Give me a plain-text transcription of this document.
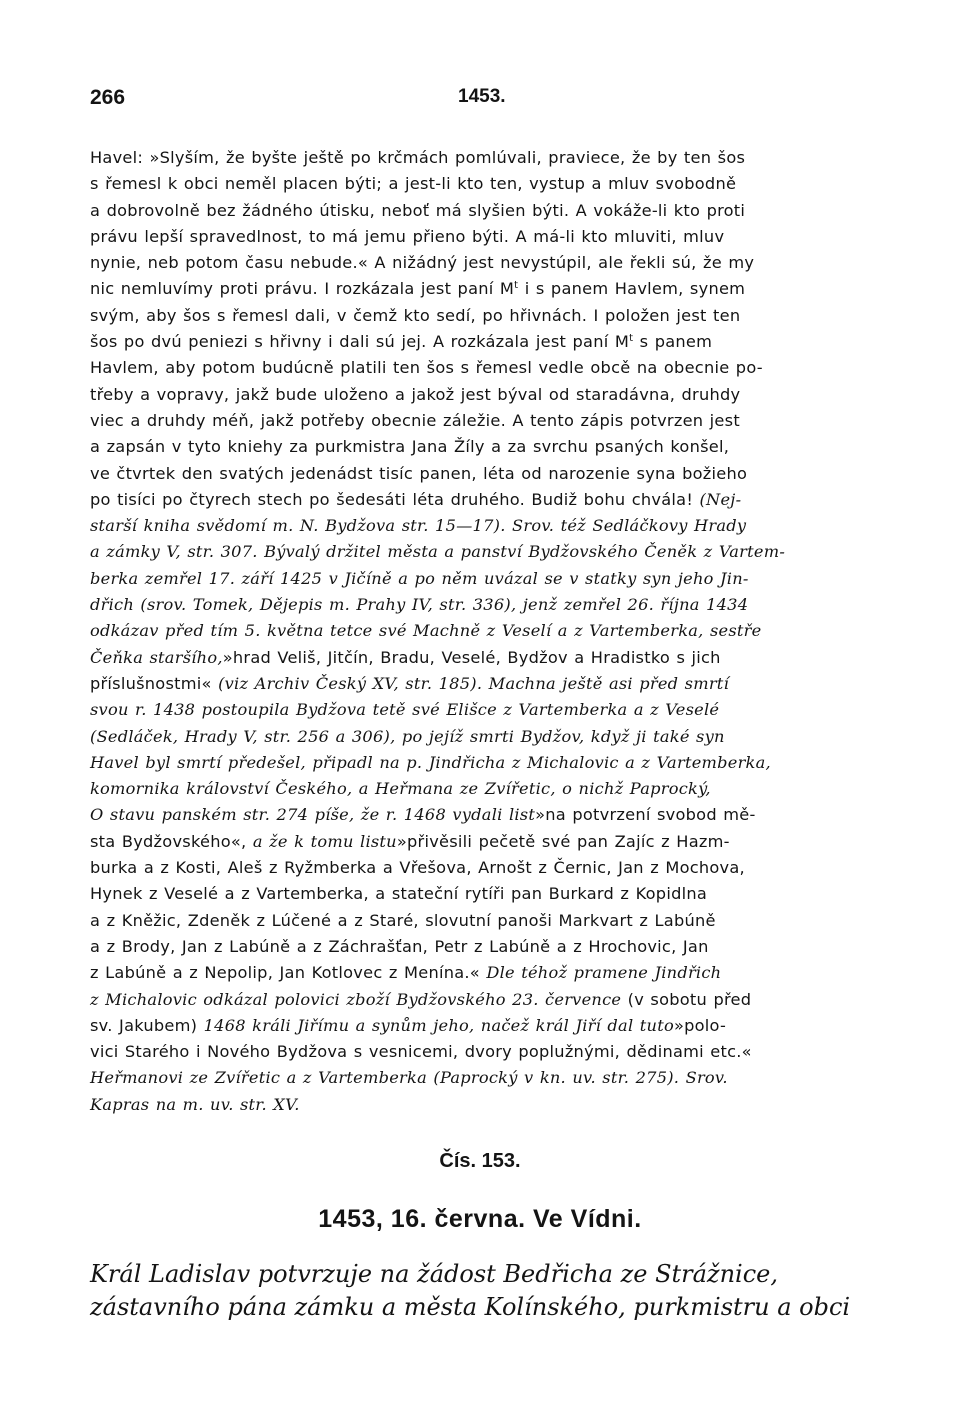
266	1453.
Havel: »Slyším, že byšte ještě po krčmách pomlúvali, praviece, že by ten šos
s řemesl k obci neměl placen býti; a jest-li kto ten, vystup a mluv svobodně
a dobrovolně bez žádného útisku, neboť má slyšien býti. A vokáže-li kto proti
právu lepší spravedlnost, to má jemu přieno býti. A má-li kto mluviti, mluv
nynie, neb potom času nebude.« A nižádný jest nevystúpil, ale řekli sú, že my
nic nemluvímy proti právu. I rozkázala jest paní $M^t$ i s panem Havlem, synem
svým, aby šos s řemesl dali, v čemž kto sedí, po hřivnách. I položen jest ten
šos po dvú peniezi s hřivny i dali sú jej. A rozkázala jest paní $M^t$ s panem
Havlem, aby potom budúcně platili ten šos s řemesl vedle obcě na obecnie po-
třeby a vopravy, jakž bude uloženo a jakož jest býval od staradávna, druhdy
viec a druhdy méň, jakž potřeby obecnie záležie. A tento zápis potvrzen jest
a zapsán v tyto kniehy za purkmistra Jana Žíly a za svrchu psaných konšel,
ve čtvrtek den svatých jedenádst tisíc panen, léta od narozenie syna božieho
po tisíci po čtyrech stech po šedesáti léta druhého. Budiž bohu chvála! (Nej-
starší kniha svědomí m. N. Bydžova str. 15—17). Srov. též Sedláčkovy Hrady
a zámky V, str. 307. Bývalý držitel města a panství Bydžovského Čeněk z Vartem-
berka zemřel 17. září 1425 v Jičíně a po něm uvázal se v statky syn jeho Jin-
dřich (srov. Tomek, Dějepis m. Prahy IV, str. 336), jenž zemřel 26. října 1434
odkázav před tím 5. května tetce své Machně z Veselí a z Vartemberka, sestře
Čeňka staršího,»hrad Veliš, Jitčín, Bradu, Veselé, Bydžov a Hradistko s jich
příslušnostmi« (viz Archiv Český XV, str. 185). Machna ještě asi před smrtí
svou r. 1438 postoupila Bydžova tetě své Elišce z Vartemberka a z Veselé
(Sedláček, Hrady V, str. 256 a 306), po jejíž smrti Bydžov, když ji také syn
Havel byl smrtí předešel, připadl na p. Jindřicha z Michalovic a z Vartemberka,
komornika království Českého, a Heřmana ze Zvířetic, o nichž Paprocký,
O stavu panském str. 274 píše, že r. 1468 vydali list»na potvrzení svobod mě-
sta Bydžovského«, a že k tomu listu»přivěsili pečetě své pan Zajíc z Hazm-
burka a z Kosti, Aleš z Ryžmberka a Vřešova, Arnošt z Černic, Jan z Mochova,
Hynek z Veselé a z Vartemberka, a stateční rytíři pan Burkard z Kopidlna
a z Kněžic, Zdeněk z Lúčené a z Staré, slovutní panoši Markvart z Labúně
a z Brody, Jan z Labúně a z Záchrašťan, Petr z Labúně a z Hrochovic, Jan
z Labúně a z Nepolip, Jan Kotlovec z Menína.« Dle téhož pramene Jindřich
z Michalovic odkázal polovici zboží Bydžovského 23. července (v sobotu před
sv. Jakubem) 1468 králi Jiřímu a synům jeho, načež král Jiří dal tuto»polo-
vici Starého i Nového Bydžova s vesnicemi, dvory poplužnými, dědinami etc.«
Heřmanovi ze Zvířetic a z Vartemberka (Paprocký v kn. uv. str. 275). Srov.
Kapras na m. uv. str. XV.
Čís. 153.
1453, 16. června. Ve Vídni.
Král Ladislav potvrzuje na žádost Bedřicha ze Strážnice,
zástavního pána zámku a města Kolínského, purkmistru a obci
